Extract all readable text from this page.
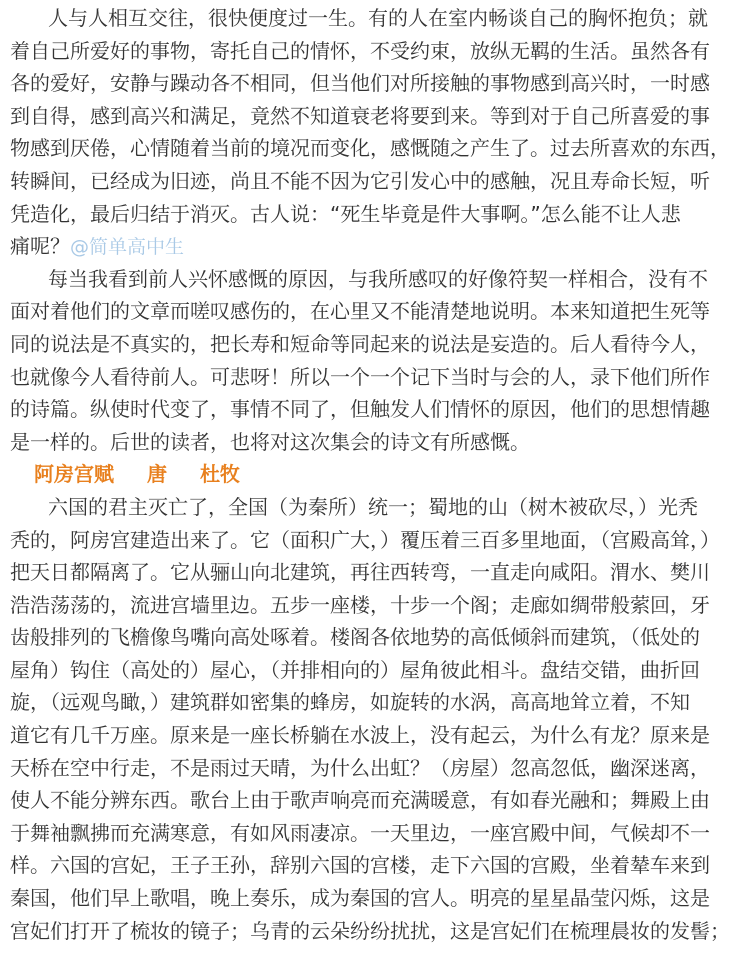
人与人相互交往，很快便度过一生。有的人在室内畅谈自己的胸怀抱负；就
着自己所爱好的事物，寄托自己的情怀，不受约束，放纵无羁的生活。虽然各有
各的爱好，安静与躁动各不相同，但当他们对所接触的事物感到高兴时，一时感
到自得，感到高兴和满足，竟然不知道衰老将要到来。等到对于自己所喜爱的事
物感到厌倦，心情随着当前的境况而变化，感慨随之产生了。过去所喜欢的东西，
转瞬间，已经成为旧迹，尚且不能不因为它引发心中的感触，况且寿命长短，听
凭造化，最后归结于消灭。古人说：“死生毕竟是件大事啊。”怎么能不让人悲
痛呢？@简单高中生
每当我看到前人兴怀感慨的原因，与我所感叹的好像符契一样相合，没有不
面对着他们的文章而嗟叹感伤的，在心里又不能清楚地说明。本来知道把生死等
同的说法是不真实的，把长寿和短命等同起来的说法是妄造的。后人看待今人，
也就像今人看待前人。可悲呀！所以一个一个记下当时与会的人，录下他们所作
的诗篇。纵使时代变了，事情不同了，但触发人们情怀的原因，他们的思想情趣
是一样的。后世的读者，也将对这次集会的诗文有所感慨。
阿房宫赋 唐 杜牧
六国的君主灭亡了，全国（为秦所）统一；蜀地的山（树木被砍尽，）光秃
秃的，阿房宫建造出来了。它（面积广大，）覆压着三百多里地面，（宫殿高耸，）
把天日都隔离了。它从骊山向北建筑，再往西转弯，一直走向咸阳。渭水、樊川
浩浩荡荡的，流进宫墙里边。五步一座楼，十步一个阁；走廊如绸带般萦回，牙
齿般排列的飞檐像鸟嘴向高处啄着。楼阁各依地势的高低倾斜而建筑，（低处的
屋角）钩住（高处的）屋心，（并排相向的）屋角彼此相斗。盘结交错，曲折回
旋，（远观鸟瞰，）建筑群如密集的蜂房，如旋转的水涡，高高地耸立着，不知
道它有几千万座。原来是一座长桥躺在水波上，没有起云，为什么有龙？原来是
天桥在空中行走，不是雨过天晴，为什么出虹？（房屋）忽高忽低，幽深迷离，
使人不能分辨东西。歌台上由于歌声响亮而充满暖意，有如春光融和；舞殿上由
于舞袖飘拂而充满寒意，有如风雨凄凉。一天里边，一座宫殿中间，气候却不一
样。六国的宫妃，王子王孙，辞别六国的宫楼，走下六国的宫殿，坐着辇车来到
秦国，他们早上歌唱，晚上奏乐，成为秦国的宫人。明亮的星星晶莹闪烁，这是
宫妃们打开了梳妆的镜子；乌青的云朵纷纷扰扰，这是宫妃们在梳理晨妆的发髻；
